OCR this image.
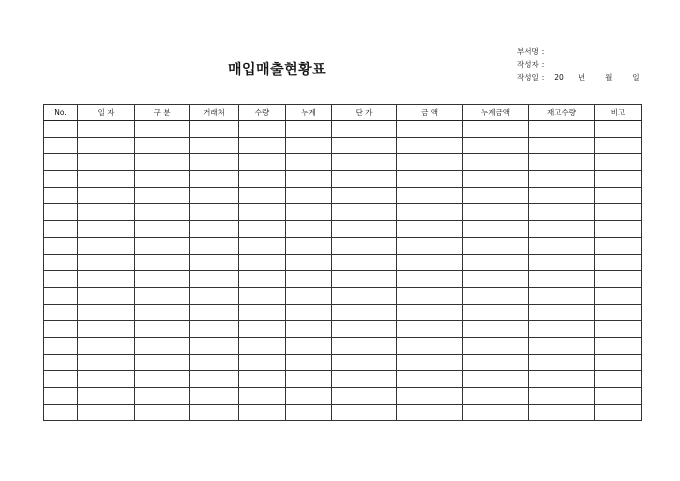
매입매출현황표
부서명 :
작성자 :
작성일 : 20 년	월	일
No.	일 자	구 분	거래처	수량	누계	단 가	금 액	누계금액	재고수량	비고
